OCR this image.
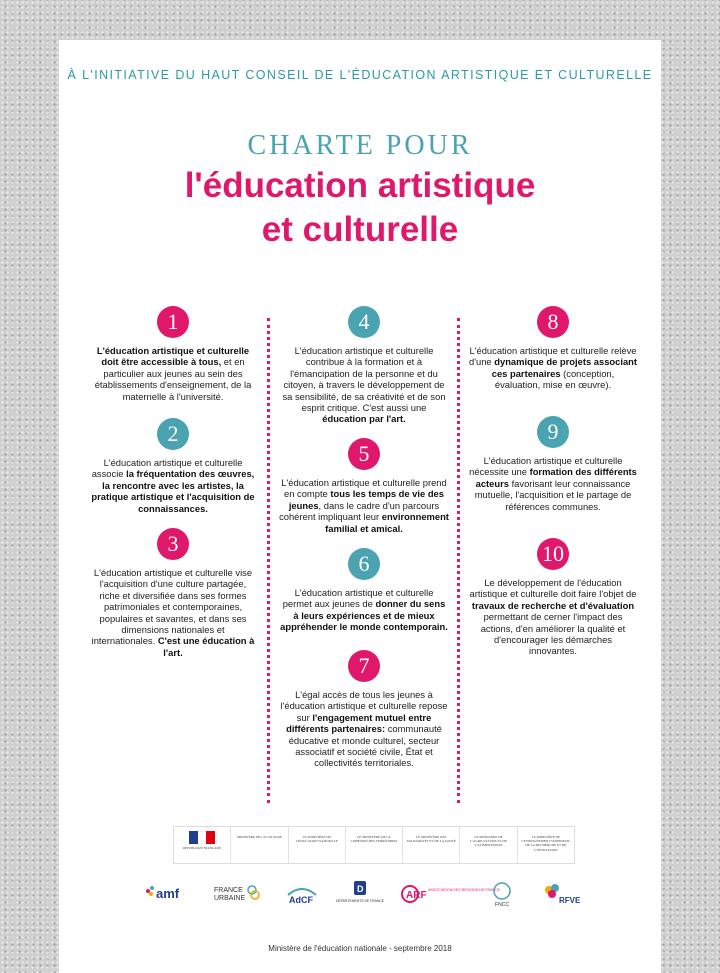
À L'INITIATIVE DU HAUT CONSEIL DE L'ÉDUCATION ARTISTIQUE ET CULTURELLE
CHARTE POUR
l'éducation artistique
et culturelle
1
L'éducation artistique et culturelle doit être accessible à tous, et en particulier aux jeunes au sein des établissements d'enseignement, de la maternelle à l'université.
2
L'éducation artistique et culturelle associe la fréquentation des œuvres, la rencontre avec les artistes, la pratique artistique et l'acquisition de connaissances.
3
L'éducation artistique et culturelle vise l'acquisition d'une culture partagée, riche et diversifiée dans ses formes patrimoniales et contemporaines, populaires et savantes, et dans ses dimensions nationales et internationales. C'est une éducation à l'art.
4
L'éducation artistique et culturelle contribue à la formation et à l'émancipation de la personne et du citoyen, à travers le développement de sa sensibilité, de sa créativité et de son esprit critique. C'est aussi une éducation par l'art.
5
L'éducation artistique et culturelle prend en compte tous les temps de vie des jeunes, dans le cadre d'un parcours cohérent impliquant leur environnement familial et amical.
6
L'éducation artistique et culturelle permet aux jeunes de donner du sens à leurs expériences et de mieux appréhender le monde contemporain.
7
L'égal accès de tous les jeunes à l'éducation artistique et culturelle repose sur l'engagement mutuel entre différents partenaires: communauté éducative et monde culturel, secteur associatif et société civile, État et collectivités territoriales.
8
L'éducation artistique et culturelle relève d'une dynamique de projets associant ces partenaires (conception, évaluation, mise en œuvre).
9
L'éducation artistique et culturelle nécessite une formation des différents acteurs favorisant leur connaissance mutuelle, l'acquisition et le partage de références communes.
10
Le développement de l'éducation artistique et culturelle doit faire l'objet de travaux de recherche et d'évaluation permettant de cerner l'impact des actions, d'en améliorer la qualité et d'encourager les démarches innovantes.
RÉPUBLIQUE FRANÇAISE
MINISTÈRE DE LA CULTURE	LE MINISTÈRE DE L'ÉDUCATION NATIONALE
LE MINISTÈRE DE LA COHÉSION DES TERRITOIRES
LE MINISTÈRE DES SOLIDARITÉS ET DE LA SANTÉ
LE MINISTÈRE DE L'AGRICULTURE ET DE L'ALIMENTATION
LE MINISTÈRE DE L'ENSEIGNEMENT SUPÉRIEUR, DE LA RECHERCHE ET DE L'INNOVATION
amf	FRANCE
URBAINE	AdCF
D
DÉPARTEMENTS DE FRANCE ARF ASSOCIATION DES RÉGIONS DE FRANCE
FNCC	RFVE
Ministère de l'éducation nationale - septembre 2018
